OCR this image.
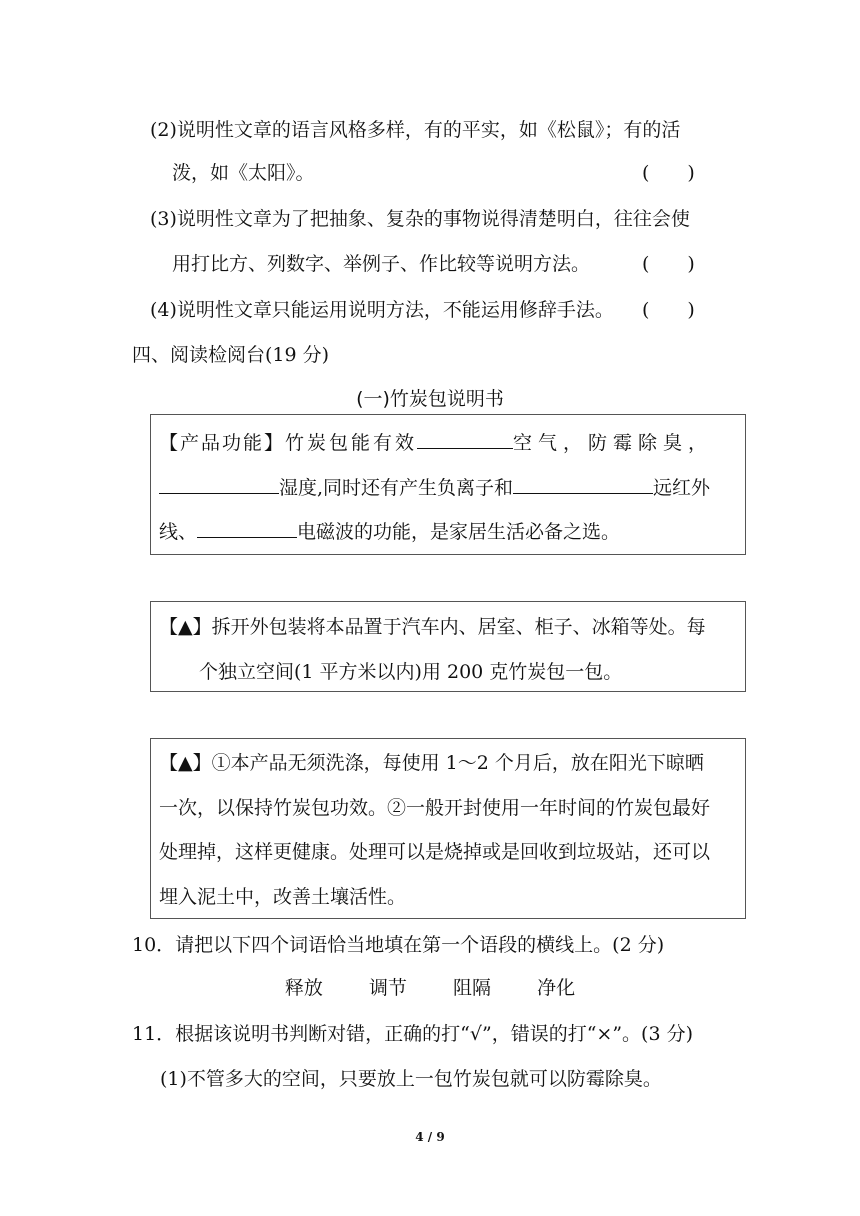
(2)说明性文章的语言风格多样，有的平实，如《松鼠》；有的活
泼，如《太阳》。	(　　)
(3)说明性文章为了把抽象、复杂的事物说得清楚明白，往往会使
用打比方、列数字、举例子、作比较等说明方法。	(　　)
(4)说明性文章只能运用说明方法，不能运用修辞手法。 (　　)
四、阅读检阅台(19 分)
(一)竹炭包说明书
【产品功能】竹炭包能有效	空气，防霉除臭，
湿度,同时还有产生负离子和	远红外
线、	电磁波的功能，是家居生活必备之选。
【▲】拆开外包装将本品置于汽车内、居室、柜子、冰箱等处。每
个独立空间(1 平方米以内)用 200 克竹炭包一包。
【▲】①本产品无须洗涤，每使用 1～2 个月后，放在阳光下晾晒
一次，以保持竹炭包功效。②一般开封使用一年时间的竹炭包最好
处理掉，这样更健康。处理可以是烧掉或是回收到垃圾站，还可以
埋入泥土中，改善土壤活性。
10．请把以下四个词语恰当地填在第一个语段的横线上。(2 分)
释放 调节 阻隔 净化
11．根据该说明书判断对错，正确的打“√”，错误的打“×”。(3 分)
(1)不管多大的空间，只要放上一包竹炭包就可以防霉除臭。
4 / 9
